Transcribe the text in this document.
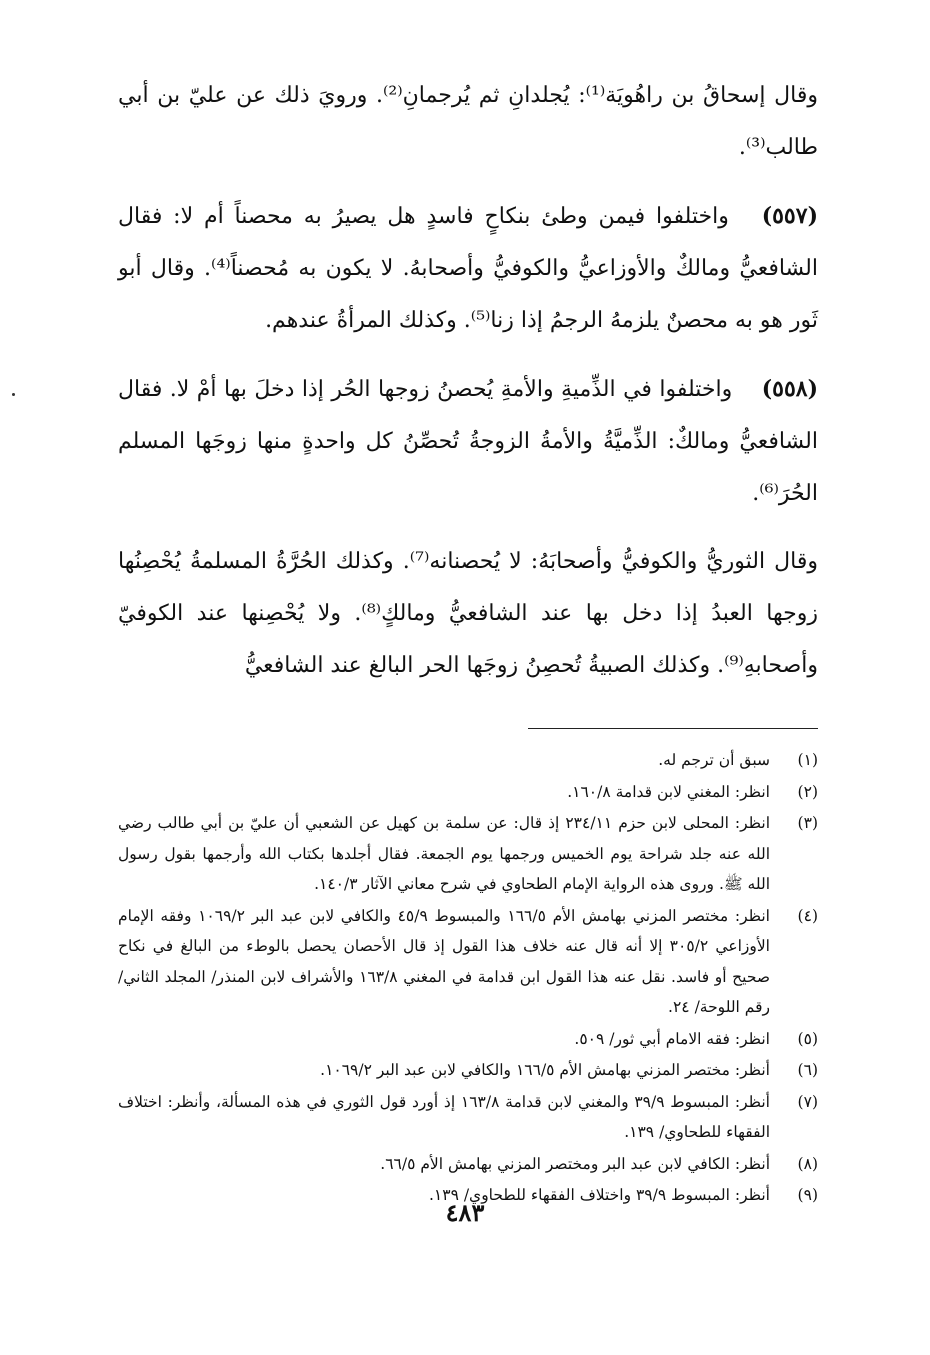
وقال إسحاقُ بن راهُويَة⁽¹⁾: يُجلدانِ ثم يُرجمانِ⁽²⁾. ورويَ ذلك عن عليّ بن أبي طالب⁽³⁾.

(٥٥٧) واختلفوا فيمن وطئ بنكاحٍ فاسدٍ هل يصيرُ به محصناً أم لا: فقال الشافعيُّ ومالكٌ والأوزاعيُّ والكوفيُّ وأصحابهُ. لا يكون به مُحصناً⁽⁴⁾. وقال أبو ثَور هو به محصنٌ يلزمهُ الرجمُ إذا زنا⁽⁵⁾. وكذلك المرأةُ عندهم.

(٥٥٨) واختلفوا في الذِّميةِ والأمةِ يُحصنُ زوجها الحُر إذا دخلَ بها أمْ لا. فقال الشافعيُّ ومالكٌ: الذِّميَّةُ والأمةُ الزوجةُ تُحصِّنُ كل واحدةٍ منها زوجَها المسلم الحُرَ⁽⁶⁾.

وقال الثوريُّ والكوفيُّ وأصحابَهُ: لا يُحصنانه⁽⁷⁾. وكذلك الحُرَّةُ المسلمةُ يُحْصِنُها زوجها العبدُ إذا دخل بها عند الشافعيُّ ومالكٍ⁽⁸⁾. ولا يُحْصِنها عند الكوفيّ وأصحابهِ⁽⁹⁾. وكذلك الصبيةُ تُحصِنُ زوجَها الحر البالغ عند الشافعيُّ

(١)
سبق أن ترجم له.
(٢)
انظر: المغني لابن قدامة ١٦٠/٨.
(٣)
انظر: المحلى لابن حزم ٢٣٤/١١ إذ قال: عن سلمة بن كهيل عن الشعبي أن عليّ بن أبي طالب رضي الله عنه جلد شراحة يوم الخميس ورجمها يوم الجمعة. فقال أجلدها بكتاب الله وأرجمها بقول رسول الله ﷺ. وروى هذه الرواية الإمام الطحاوي في شرح معاني الآثار ١٤٠/٣.
(٤)
انظر: مختصر المزني بهامش الأم ١٦٦/٥ والمبسوط ٤٥/٩ والكافي لابن عبد البر ١٠٦٩/٢ وفقه الإمام الأوزاعي ٣٠٥/٢ إلا أنه قال عنه خلاف هذا القول إذ قال الأحصان يحصل بالوطء من البالغ في نكاح صحيح أو فاسد. نقل عنه هذا القول ابن قدامة في المغني ١٦٣/٨ والأشراف لابن المنذر/ المجلد الثاني/ رقم اللوحة/ ٢٤.
(٥)
انظر: فقه الامام أبي ثور/ ٥٠٩.
(٦)
أنظر: مختصر المزني بهامش الأم ١٦٦/٥ والكافي لابن عبد البر ١٠٦٩/٢.
(٧)
أنظر: المبسوط ٣٩/٩ والمغني لابن قدامة ١٦٣/٨ إذ أورد قول الثوري في هذه المسألة، وأنظر: اختلاف الفقهاء للطحاوي/ ١٣٩.
(٨)
أنظر: الكافي لابن عبد البر ومختصر المزني بهامش الأم ٦٦/٥.
(٩)
أنظر: المبسوط ٣٩/٩ واختلاف الفقهاء للطحاوي/ ١٣٩.
٤٨٣
